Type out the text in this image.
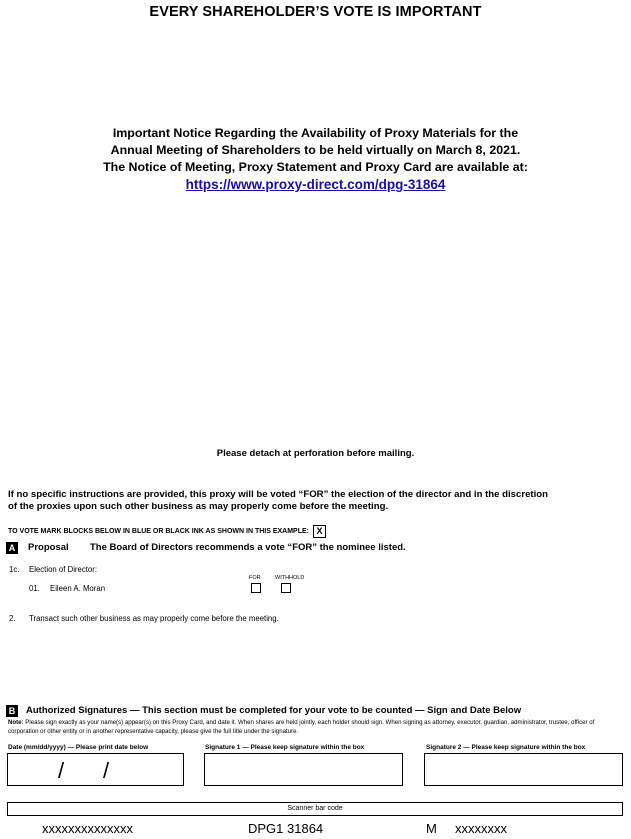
EVERY SHAREHOLDER’S VOTE IS IMPORTANT
Important Notice Regarding the Availability of Proxy Materials for the
Annual Meeting of Shareholders to be held virtually on March 8, 2021.
The Notice of Meeting, Proxy Statement and Proxy Card are available at:
https://www.proxy-direct.com/dpg-31864
Please detach at perforation before mailing.
If no specific instructions are provided, this proxy will be voted “FOR” the election of the director and in the discretion
of the proxies upon such other business as may properly come before the meeting.
TO VOTE MARK BLOCKS BELOW IN BLUE OR BLACK INK AS SHOWN IN THIS EXAMPLE: X
A Proposal The Board of Directors recommends a vote “FOR” the nominee listed.
1c. Election of Director:
FOR	WITHHOLD
01. Eileen A. Moran
2. Transact such other business as may properly come before the meeting.
B Authorized Signatures — This section must be completed for your vote to be counted — Sign and Date Below
Note: Please sign exactly as your name(s) appear(s) on this Proxy Card, and date it. When shares are held jointly, each holder should sign. When signing as attorney, executor, guardian, administrator, trustee, officer of corporation or other entity or in another representative capacity, please give the full title under the signature.
Date (mm/dd/yyyy) — Please print date below	Signature 1 — Please keep signature within the box	Signature 2 — Please keep signature within the box
/ /
Scanner bar code
xxxxxxxxxxxxxx	DPG1 31864	M xxxxxxxx
